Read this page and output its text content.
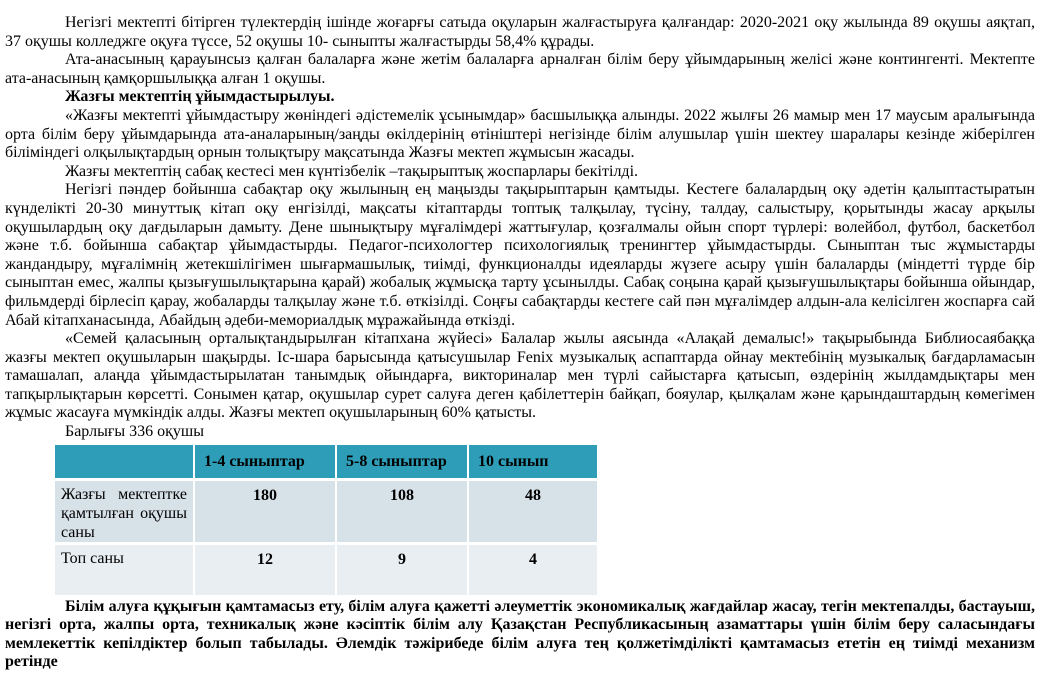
Негізгі мектепті бітірген түлектердің ішінде жоғарғы сатыда оқуларын жалғастыруға қалғандар: 2020-2021 оқу жылында 89 оқушы аяқтап, 37 оқушы колледжге оқуға түссе, 52 оқушы 10- сыныпты жалғастырды 58,4% құрады.

Ата-анасының қарауынсыз қалған балаларға және жетім балаларға арналған білім беру ұйымдарының желісі және контингенті. Мектепте ата-анасының қамқоршылыққа алған 1 оқушы.

Жазғы мектептің ұйымдастырылуы.

«Жазғы мектепті ұйымдастыру жөніндегі әдістемелік ұсынымдар» басшылыққа алынды. 2022 жылғы 26 мамыр мен 17 маусым аралығында орта білім беру ұйымдарында ата-аналарының/заңды өкілдерінің өтініштері негізінде білім алушылар үшін шектеу шаралары кезінде жіберілген біліміндегі олқылықтардың орнын толықтыру мақсатында Жазғы мектеп жұмысын жасады.

Жазғы мектептің сабақ кестесі мен күнтізбелік –тақырыптық жоспарлары бекітілді.

Негізгі пәндер бойынша сабақтар оқу жылының ең маңызды тақырыптарын қамтыды. Кестеге балалардың оқу әдетін қалыптастыратын күнделікті 20-30 минуттық кітап оқу енгізілді, мақсаты кітаптарды топтық талқылау, түсіну, талдау, салыстыру, қорытынды жасау арқылы оқушылардың оқу дағдыларын дамыту. Дене шынықтыру мұғалімдері жаттығулар, қозғалмалы ойын спорт түрлері: волейбол, футбол, баскетбол және т.б. бойынша сабақтар ұйымдастырды. Педагог-психологтер психологиялық тренингтер ұйымдастырды. Сыныптан тыс жұмыстарды жандандыру, мұғалімнің жетекшілігімен шығармашылық, тиімді, функционалды идеяларды жүзеге асыру үшін балаларды (міндетті түрде бір сыныптан емес, жалпы қызығушылықтарына қарай) жобалық жұмысқа тарту ұсынылды. Сабақ соңына қарай қызығушылықтары бойынша ойындар, фильмдерді бірлесіп қарау, жобаларды талқылау және т.б. өткізілді. Соңғы сабақтарды кестеге сай пән мұғалімдер алдын-ала келісілген жоспарға сай Абай кітапханасында, Абайдың әдеби-мемориалдық мұражайында өткізді.

«Семей қаласының орталықтандырылған кітапхана жүйесі» Балалар жылы аясында «Алақай демалыс!» тақырыбында Библиосаябаққа жазғы мектеп оқушыларын шақырды. Іс-шара барысында қатысушылар Fenix музыкалық аспаптарда ойнау мектебінің музыкалық бағдарламасын тамашалап, алаңда ұйымдастырылатан танымдық ойындарға, викториналар мен түрлі сайыстарға қатысып, өздерінің жылдамдықтары мен тапқырлықтарын көрсетті. Сонымен қатар, оқушылар сурет салуға деген қабілеттерін байқап, бояулар, қылқалам және қарындаштардың көмегімен жұмыс жасауға мүмкіндік алды. Жазғы мектеп оқушыларының 60% қатысты.

Барлығы 336 оқушы

	1-4 сыныптар	5-8 сыныптар	10 сынып
Жазғы мектептке қамтылған оқушы саны	180	108	48
Топ саны	12	9	4

Білім алуға құқығын қамтамасыз ету, білім алуға қажетті әлеуметтік экономикалық жағдайлар жасау, тегін мектепалды, бастауыш, негізгі орта, жалпы орта, техникалық және кәсіптік білім алу Қазақстан Республикасының азаматтары үшін білім беру саласындағы мемлекеттік кепілдіктер болып табылады. Әлемдік тәжірибеде білім алуға тең қолжетімділікті қамтамасыз ететін ең тиімді механизм ретінде
